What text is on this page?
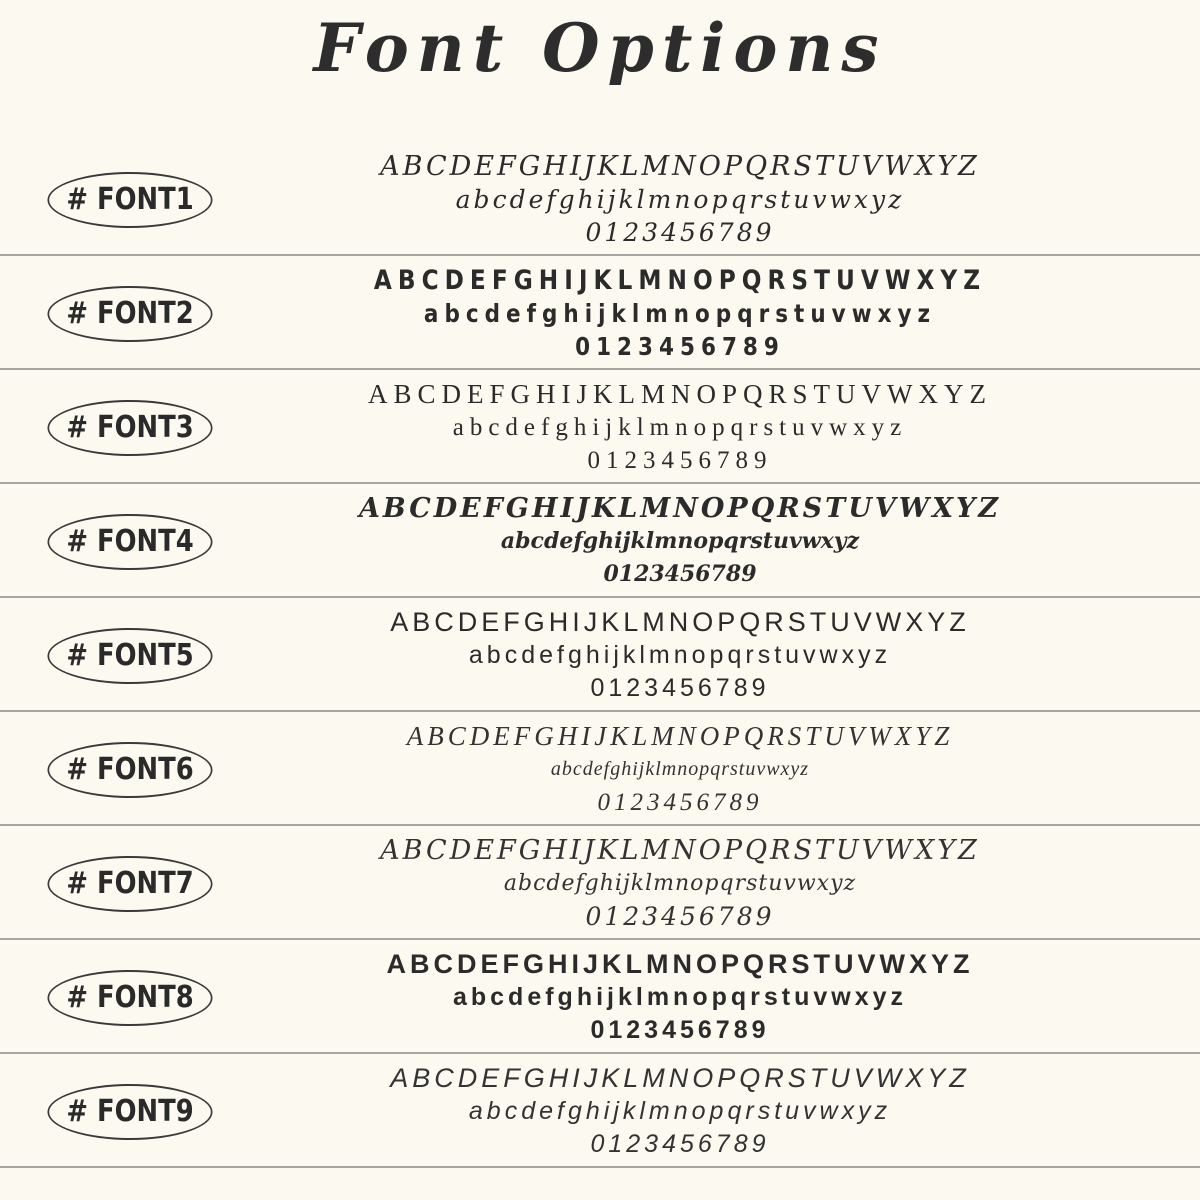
Font Options
# FONT1
ABCDEFGHIJKLMNOPQRSTUVWXYZ
abcdefghijklmnopqrstuvwxyz
0123456789
# FONT2
ABCDEFGHIJKLMNOPQRSTUVWXYZ
abcdefghijklmnopqrstuvwxyz
0123456789
# FONT3
ABCDEFGHIJKLMNOPQRSTUVWXYZ
abcdefghijklmnopqrstuvwxyz
0123456789
# FONT4
ABCDEFGHIJKLMNOPQRSTUVWXYZ
abcdefghijklmnopqrstuvwxyz
0123456789
# FONT5
ABCDEFGHIJKLMNOPQRSTUVWXYZ
abcdefghijklmnopqrstuvwxyz
0123456789
# FONT6
ABCDEFGHIJKLMNOPQRSTUVWXYZ
abcdefghijklmnopqrstuvwxyz
0123456789
# FONT7
ABCDEFGHIJKLMNOPQRSTUVWXYZ
abcdefghijklmnopqrstuvwxyz
0123456789
# FONT8
ABCDEFGHIJKLMNOPQRSTUVWXYZ
abcdefghijklmnopqrstuvwxyz
0123456789
# FONT9
ABCDEFGHIJKLMNOPQRSTUVWXYZ
abcdefghijklmnopqrstuvwxyz
0123456789
